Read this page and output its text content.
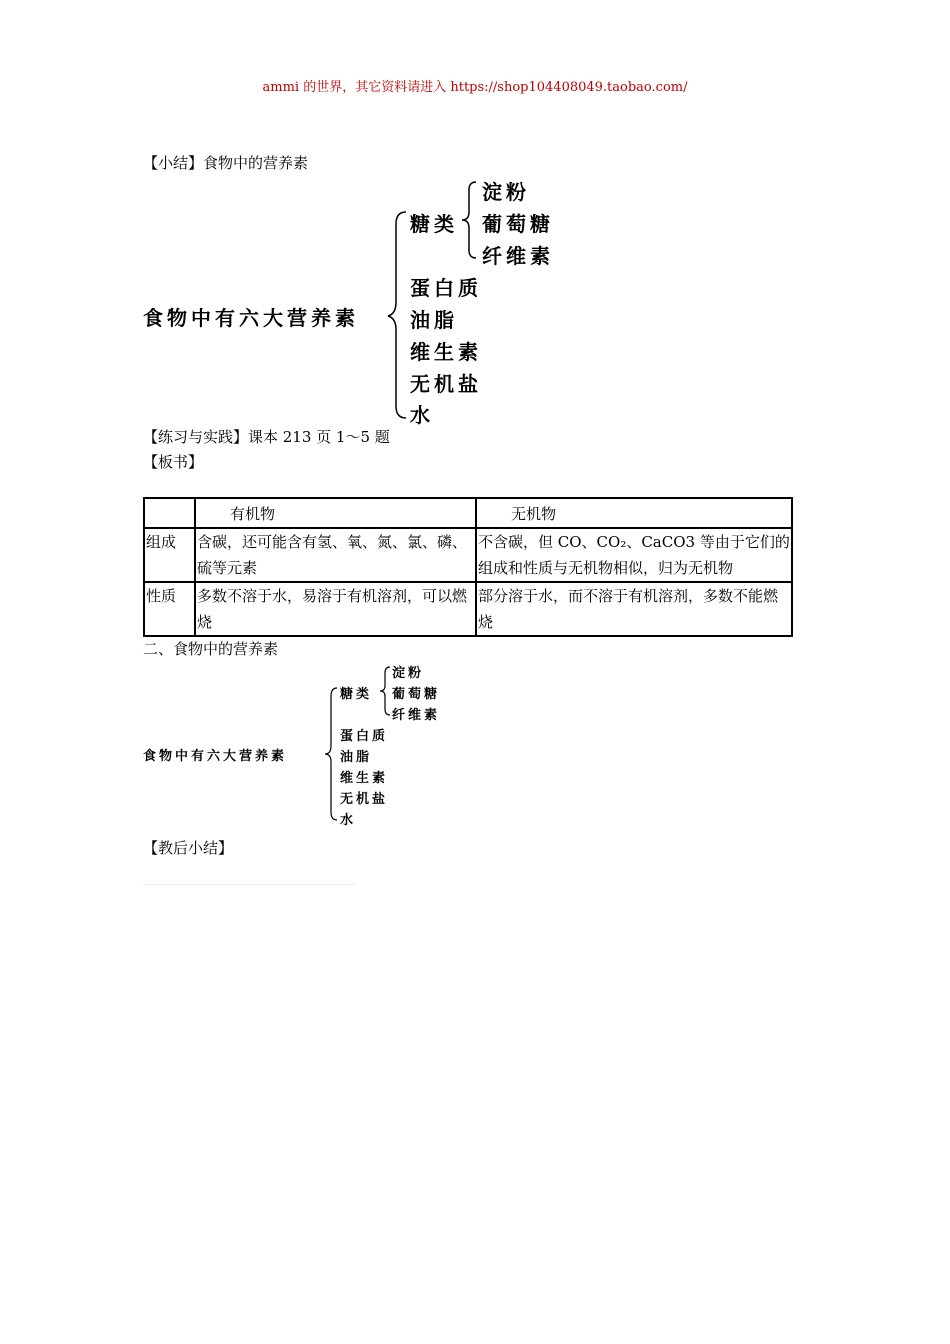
ammi 的世界，其它资料请进入 https://shop104408049.taobao.com/
【小结】食物中的营养素
食物中有六大营养素
糖类
淀粉
葡萄糖
纤维素
蛋白质
油脂
维生素
无机盐
水
【练习与实践】课本 213 页 1～5 题
【板书】
	有机物	无机物
组成	含碳，还可能含有氢、氧、氮、氯、磷、硫等元素	不含碳，但 CO、CO₂、CaCO3 等由于它们的组成和性质与无机物相似，归为无机物
性质	多数不溶于水，易溶于有机溶剂，可以燃烧	部分溶于水，而不溶于有机溶剂，多数不能燃烧
二、食物中的营养素
食物中有六大营养素
糖类
淀粉
葡萄糖
纤维素
蛋白质
油脂
维生素
无机盐
水
【教后小结】
